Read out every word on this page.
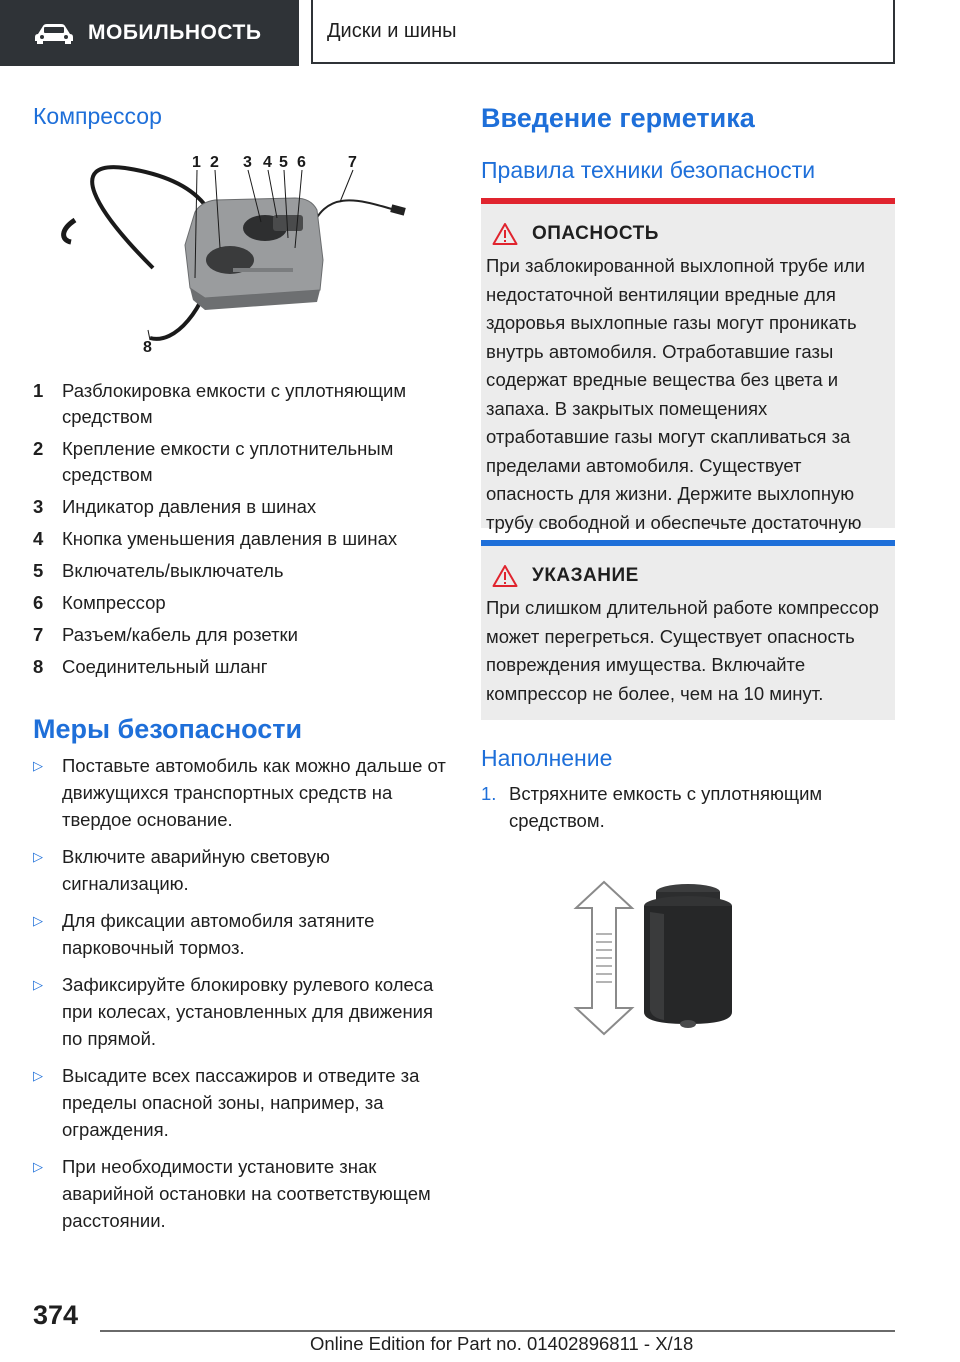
МОБИЛЬНОСТЬ	Диски и шины
Компрессор
1 2 3 4 5 6	7
8
1	Разблокировка емкости с уплотняющим средством
2	Крепление емкости с уплотнительным средством
3	Индикатор давления в шинах
4	Кнопка уменьшения давления в шинах
5	Включатель/выключатель
6	Компрессор
7	Разъем/кабель для розетки
8	Соединительный шланг
Меры безопасности
▷	Поставьте автомобиль как можно дальше от движущихся транспортных средств на твердое основание.
▷	Включите аварийную световую сигнализацию.
▷	Для фиксации автомобиля затяните парковочный тормоз.
▷	Зафиксируйте блокировку рулевого колеса при колесах, установленных для движения по прямой.
▷	Высадите всех пассажиров и отведите за пределы опасной зоны, например, за ограждения.
▷	При необходимости установите знак аварийной остановки на соответствующем расстоянии.
Введение герметика
Правила техники безопасности
ОПАСНОСТЬ
При заблокированной выхлопной трубе или недостаточной вентиляции вредные для здоровья выхлопные газы могут проникать внутрь автомобиля. Отработавшие газы содержат вредные вещества без цвета и запаха. В закрытых помещениях отработавшие газы могут скапливаться за пределами автомобиля. Существует опасность для жизни. Держите выхлопную трубу свободной и обеспечьте достаточную
УКАЗАНИЕ
При слишком длительной работе компрессор может перегреться. Существует опасность повреждения имущества. Включайте компрессор не более, чем на 10 минут.
Наполнение
1. Встряхните емкость с уплотняющим средством.
374
Online Edition for Part no. 01402896811 - X/18
